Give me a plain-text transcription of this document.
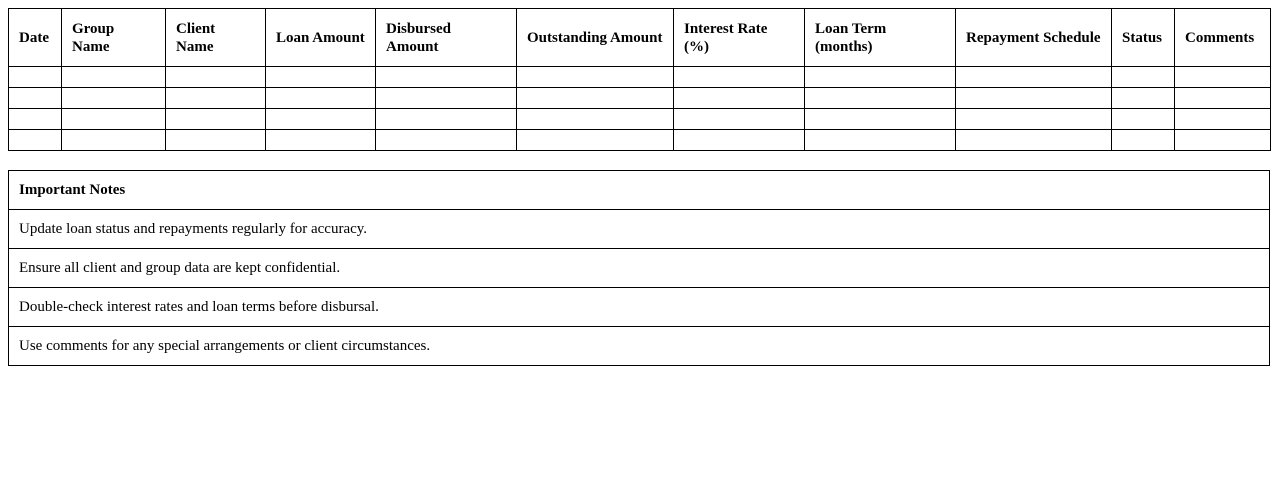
Date	Group Name	Client Name	Loan Amount	Disbursed Amount	Outstanding Amount	Interest Rate (%)	Loan Term (months)	Repayment Schedule	Status	Comments

Important Notes
Update loan status and repayments regularly for accuracy.
Ensure all client and group data are kept confidential.
Double-check interest rates and loan terms before disbursal.
Use comments for any special arrangements or client circumstances.
